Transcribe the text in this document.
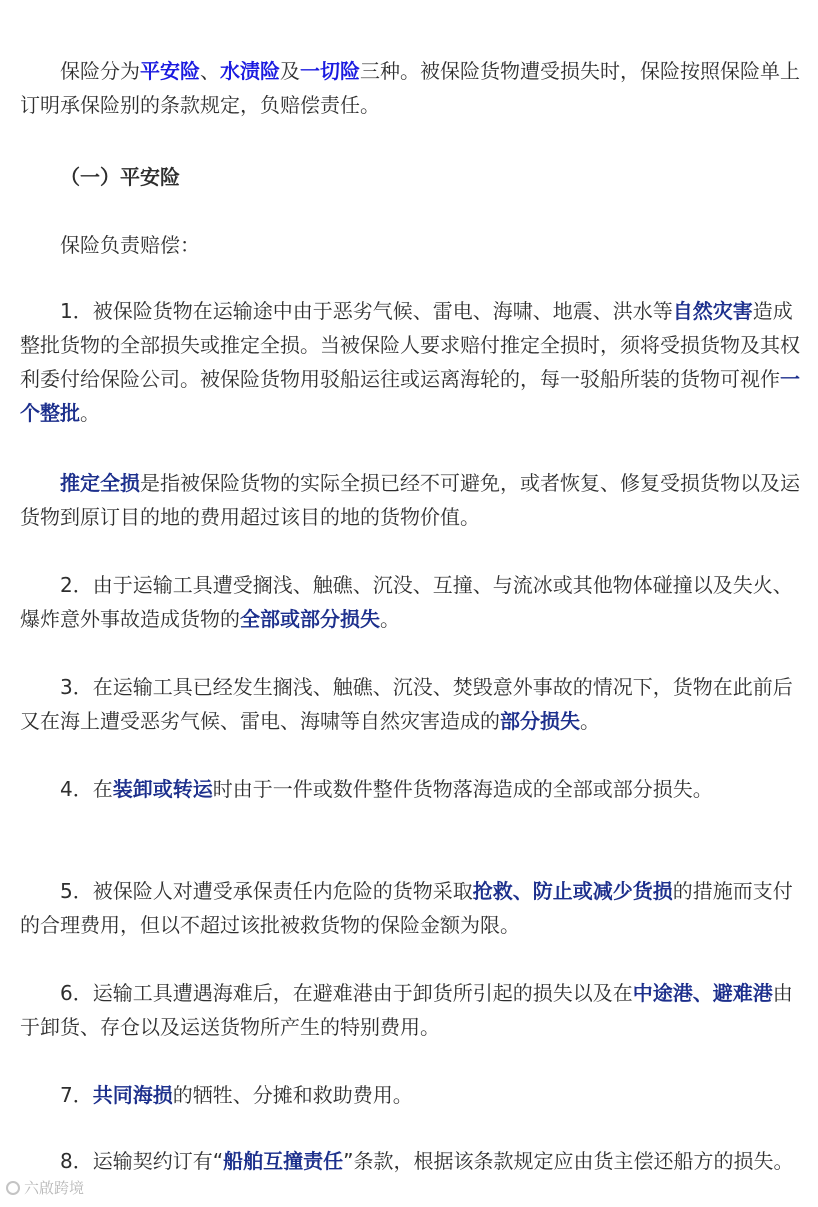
保险分为平安险、水渍险及一切险三种。被保险货物遭受损失时，保险按照保险单上订明承保险别的条款规定，负赔偿责任。

（一）平安险

保险负责赔偿：

1．被保险货物在运输途中由于恶劣气候、雷电、海啸、地震、洪水等自然灾害造成整批货物的全部损失或推定全损。当被保险人要求赔付推定全损时，须将受损货物及其权利委付给保险公司。被保险货物用驳船运往或运离海轮的，每一驳船所装的货物可视作一个整批。

推定全损是指被保险货物的实际全损已经不可避免，或者恢复、修复受损货物以及运货物到原订目的地的费用超过该目的地的货物价值。

2．由于运输工具遭受搁浅、触礁、沉没、互撞、与流冰或其他物体碰撞以及失火、爆炸意外事故造成货物的全部或部分损失。

3．在运输工具已经发生搁浅、触礁、沉没、焚毁意外事故的情况下，货物在此前后又在海上遭受恶劣气候、雷电、海啸等自然灾害造成的部分损失。

4．在装卸或转运时由于一件或数件整件货物落海造成的全部或部分损失。

5．被保险人对遭受承保责任内危险的货物采取抢救、防止或减少货损的措施而支付的合理费用，但以不超过该批被救货物的保险金额为限。

6．运输工具遭遇海难后，在避难港由于卸货所引起的损失以及在中途港、避难港由于卸货、存仓以及运送货物所产生的特别费用。

7．共同海损的牺牲、分摊和救助费用。

8．运输契约订有“船舶互撞责任”条款，根据该条款规定应由货主偿还船方的损失。

六啟跨境
